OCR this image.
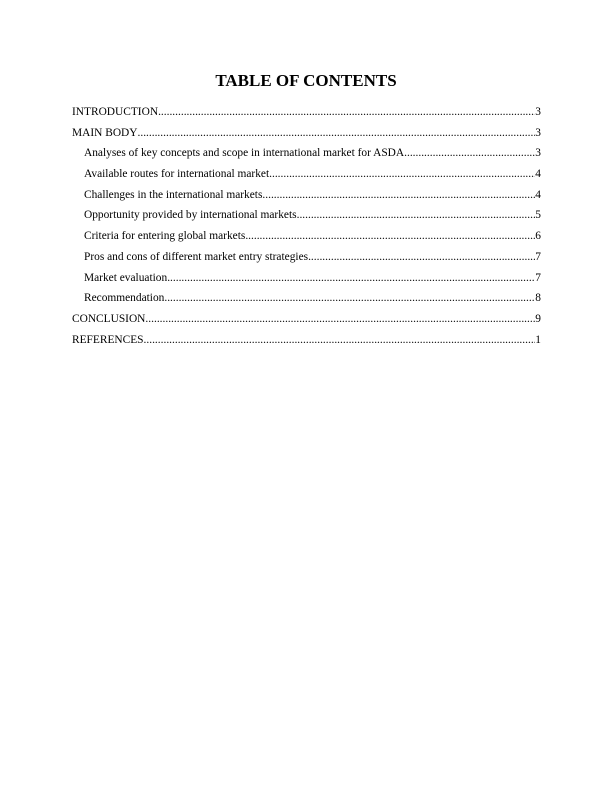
TABLE OF CONTENTS
INTRODUCTION .....	3
MAIN BODY .....	3
Analyses of key concepts and scope in international market for ASDA .....	3
Available routes for international market .....	4
Challenges in the international markets .....	4
Opportunity provided by international markets .....	5
Criteria for entering global markets .....	6
Pros and cons of different market entry strategies .....	7
Market evaluation .....	7
Recommendation .....	8
CONCLUSION .....	9
REFERENCES .....	1
